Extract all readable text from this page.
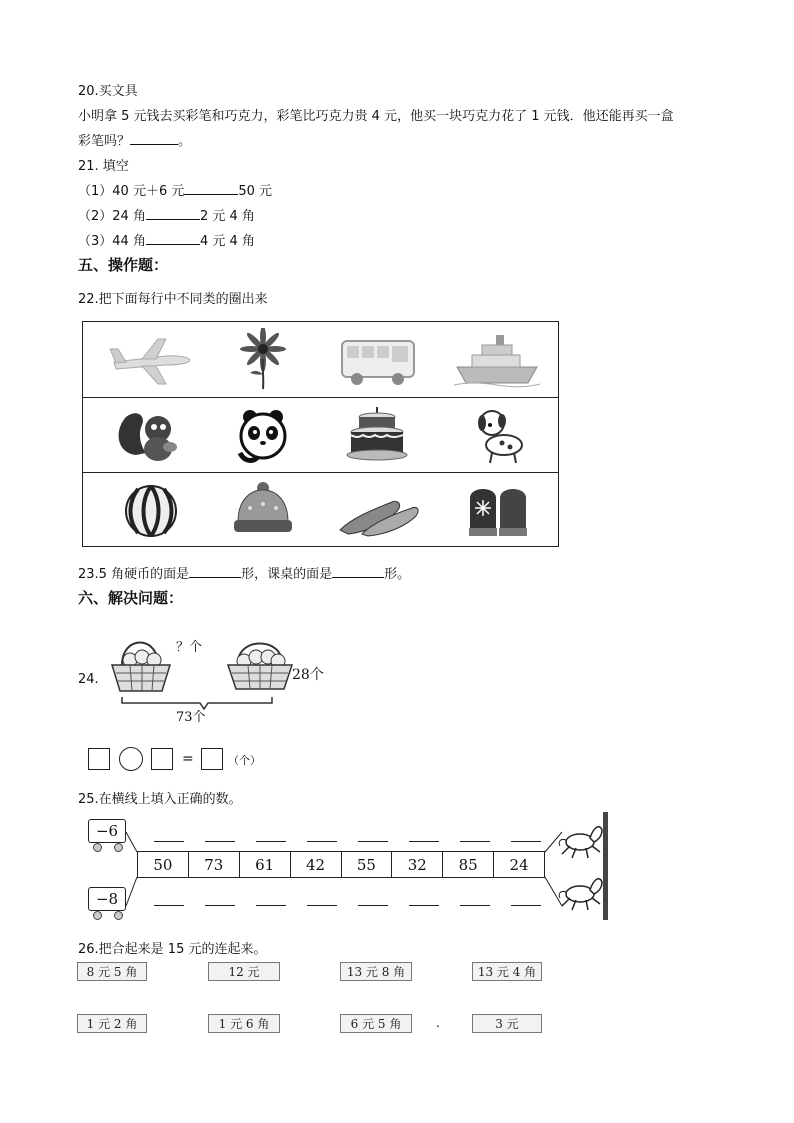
20.买文具
小明拿 5 元钱去买彩笔和巧克力，彩笔比巧克力贵 4 元，他买一块巧克力花了 1 元钱．他还能再买一盒
彩笔吗？	。
21. 填空
（1）40 元＋6 元	50 元
（2）24 角	2 元 4 角
（3）44 角	4 元 4 角
五、操作题：
22.把下面每行中不同类的圈出来
23.5 角硬币的面是	形，课桌的面是	形。
六、解决问题：
24.
？个
28个
73个
=	（个）
25.在横线上填入正确的数。
−6
−8
50	73	61	42	55	32	85	24
26.把合起来是 15 元的连起来。
8 元 5 角	12 元	13 元 8 角	13 元 4 角
1 元 2 角	1 元 6 角	6 元 5 角	.	3 元
